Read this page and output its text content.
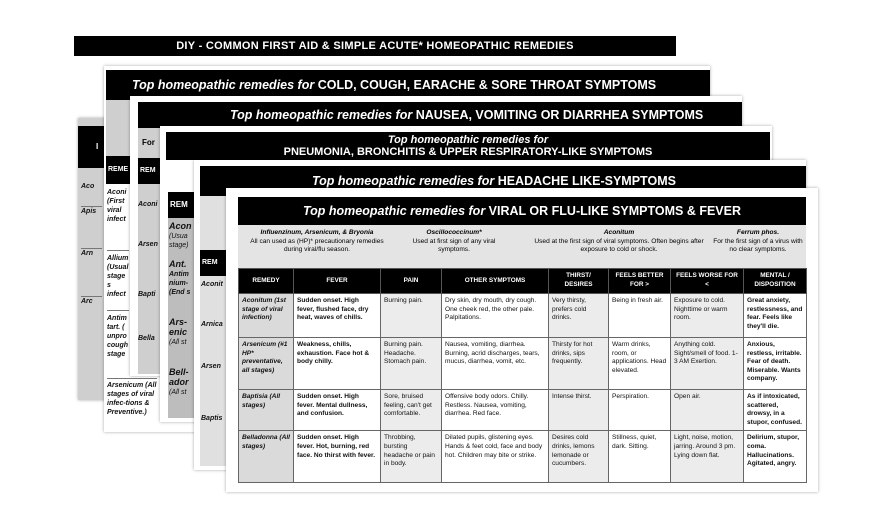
DIY - COMMON FIRST AID & SIMPLE ACUTE* HOMEOPATHIC REMEDIES
I
Aco
Apis
Arn
Arc
Top homeopathic remedies for COLD, COUGH, EARACHE & SORE THROAT SYMPTOMS
REME
Aconi (First viral infect
Allium (Usual stages infect
Antim tart. ( unpro cough stage
Arsenicum (All stages of viral infec-tions & Preventive.)
Top homeopathic remedies for NAUSEA, VOMITING OR DIARRHEA SYMPTOMS
For
REM
Aconi
Arsen
Bapti
Bella
Top homeopathic remedies for
PNEUMONIA, BRONCHITIS & UPPER RESPIRATORY-LIKE SYMPTOMS
REM
Acon
(Usua stage)
Ant.
Antim nium- (End s
Ars-enic
(All st
Bell-ador
(All st
Top homeopathic remedies for HEADACHE LIKE-SYMPTOMS
REM
Aconit
Arnica
Arsen
Baptis
Top homeopathic remedies for VIRAL OR FLU-LIKE SYMPTOMS & FEVER
Influenzinum, Arsenicum, & Bryonia
All can used as (HP)* precautionary remedies during viral/flu season.
Oscillococcinum*
Used at first sign of any viral symptoms.
Aconitum
Used at the first sign of viral symptoms. Often begins after exposure to cold or shock.
Ferrum phos.
For the first sign of a virus with no clear symptoms.
REMEDY	FEVER	PAIN	OTHER SYMPTOMS	THIRST/ DESIRES	FEELS BETTER FOR >	FEELS WORSE FOR <	MENTAL / DISPOSITION
Aconitum (1st stage of viral infection)	Sudden onset. High fever, flushed face, dry heat, waves of chills.	Burning pain.	Dry skin, dry mouth, dry cough. One cheek red, the other pale. Palpitations.	Very thirsty, prefers cold drinks.	Being in fresh air.	Exposure to cold. Nighttime or warm room.	Great anxiety, restlessness, and fear. Feels like they'll die.
Arsenicum (#1 HP* preventative, all stages)	Weakness, chills, exhaustion. Face hot & body chilly.	Burning pain. Headache. Stomach pain.	Nausea, vomiting, diarrhea. Burning, acrid discharges, tears, mucus, diarrhea, vomit, etc.	Thirsty for hot drinks, sips frequently.	Warm drinks, room, or applications. Head elevated.	Anything cold. Sight/smell of food. 1-3 AM Exertion.	Anxious, restless, irritable. Fear of death. Miserable. Wants company.
Baptisia (All stages)	Sudden onset. High fever. Mental dullness, and confusion.	Sore, bruised feeling, can't get comfortable.	Offensive body odors. Chilly. Restless. Nausea, vomiting, diarrhea. Red face.	Intense thirst.	Perspiration.	Open air.	As if intoxicated, scattered, drowsy, in a stupor, confused.
Belladonna (All stages)	Sudden onset. High fever. Hot, burning, red face. No thirst with fever.	Throbbing, bursting headache or pain in body.	Dilated pupils, glistening eyes. Hands & feet cold, face and body hot. Children may bite or strike.	Desires cold drinks, lemons lemonade or cucumbers.	Stillness, quiet, dark. Sitting.	Light, noise, motion, jarring. Around 3 pm. Lying down flat.	Delirium, stupor, coma. Hallucinations. Agitated, angry.
